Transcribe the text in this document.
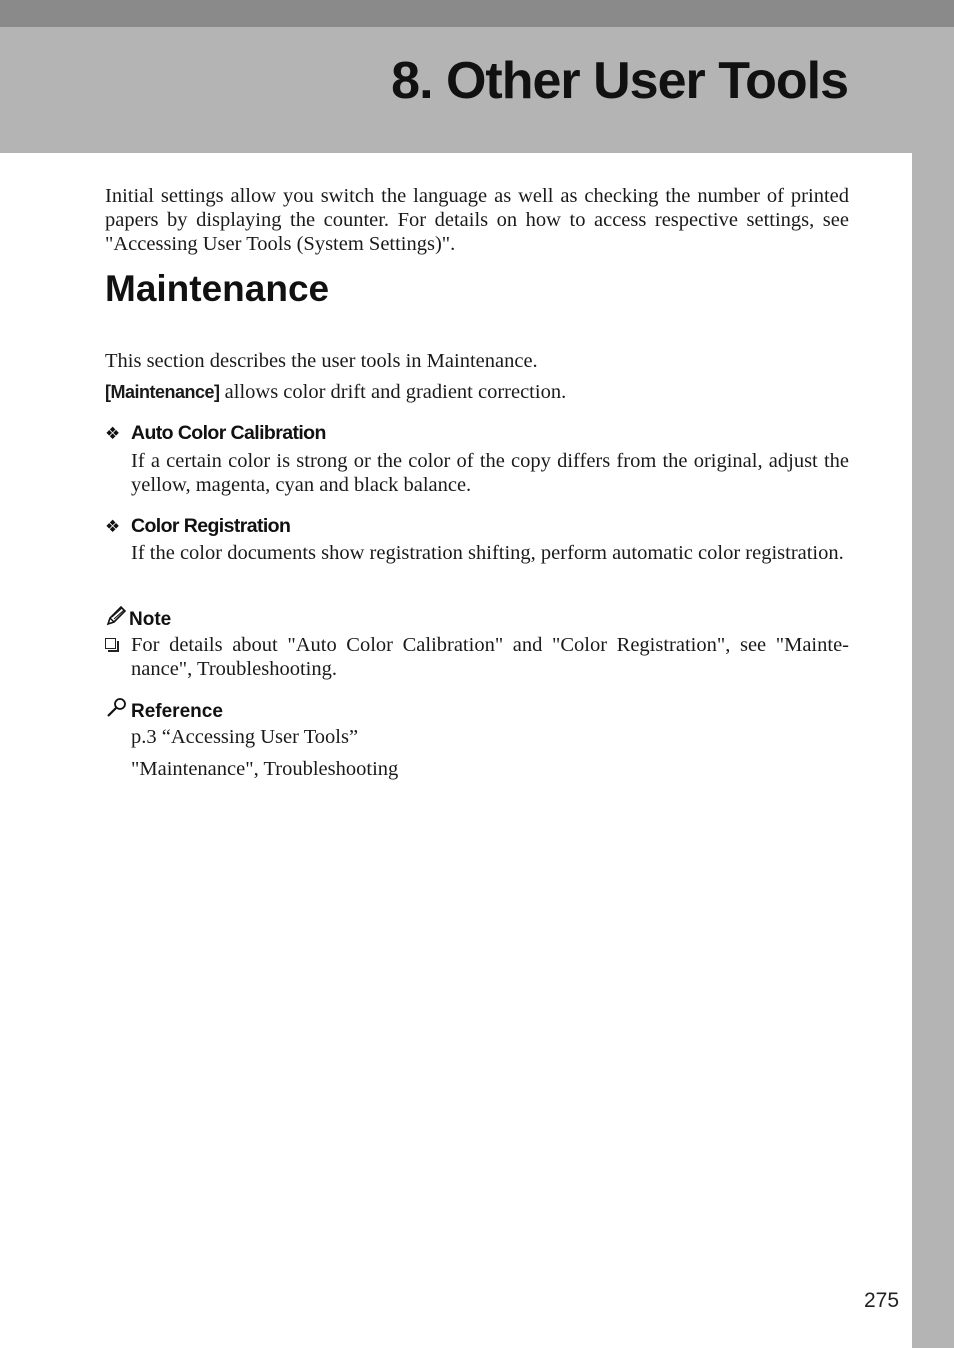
8. Other User Tools

Initial settings allow you switch the language as well as checking the number of printed papers by displaying the counter. For details on how to access respective settings, see "Accessing User Tools (System Settings)".

Maintenance

This section describes the user tools in Maintenance.

[Maintenance] allows color drift and gradient correction.

❖ Auto Color Calibration

If a certain color is strong or the color of the copy differs from the original, adjust the yellow, magenta, cyan and black balance.

❖ Color Registration

If the color documents show registration shifting, perform automatic color registration.

Note

For details about "Auto Color Calibration" and "Color Registration", see "Mainte-nance", Troubleshooting.

Reference

p.3 “Accessing User Tools”

"Maintenance", Troubleshooting

275
